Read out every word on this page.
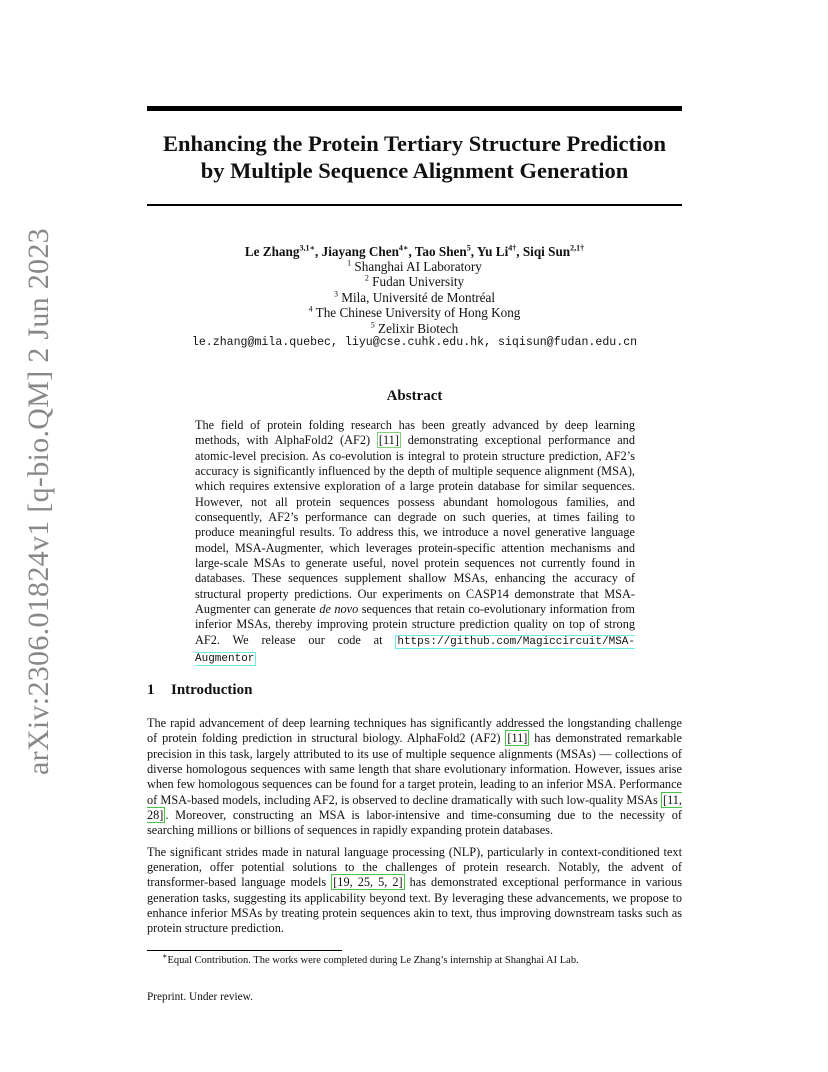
arXiv:2306.01824v1 [q-bio.QM] 2 Jun 2023
Enhancing the Protein Tertiary Structure Prediction
by Multiple Sequence Alignment Generation
Le Zhang$^{3,1∗}$, Jiayang Chen$^{4∗}$, Tao Shen$^5$, Yu $Li^{4\dagger}$, Siqi Sun$^{2,1\dagger}$
$^1$ Shanghai AI Laboratory
$^2$ Fudan University
$^3$ Mila, Université de Montréal
$^4$ The Chinese University of Hong Kong
$^5$ Zelixir Biotech
le.zhang@mila.quebec, liyu@cse.cuhk.edu.hk, siqisun@fudan.edu.cn
Abstract
The field of protein folding research has been greatly advanced by deep learning methods, with AlphaFold2 (AF2) [11] demonstrating exceptional performance and atomic-level precision. As co-evolution is integral to protein structure prediction, AF2’s accuracy is significantly influenced by the depth of multiple sequence alignment (MSA), which requires extensive exploration of a large protein database for similar sequences. However, not all protein sequences possess abundant homologous families, and consequently, AF2’s performance can degrade on such queries, at times failing to produce meaningful results. To address this, we introduce a novel generative language model, MSA-Augmenter, which leverages protein-specific attention mechanisms and large-scale MSAs to generate useful, novel protein sequences not currently found in databases. These sequences supplement shallow MSAs, enhancing the accuracy of structural property predictions. Our experiments on CASP14 demonstrate that MSA-Augmenter can generate de novo sequences that retain co-evolutionary information from inferior MSAs, thereby improving protein structure prediction quality on top of strong AF2. We release our code at https://github.com/Magiccircuit/MSA-Augmentor
1 Introduction

The rapid advancement of deep learning techniques has significantly addressed the longstanding challenge of protein folding prediction in structural biology. AlphaFold2 (AF2) [11] has demonstrated remarkable precision in this task, largely attributed to its use of multiple sequence alignments (MSAs) — collections of diverse homologous sequences with same length that share evolutionary information. However, issues arise when few homologous sequences can be found for a target protein, leading to an inferior MSA. Performance of MSA-based models, including AF2, is observed to decline dramatically with such low-quality MSAs [11, 28] . Moreover, constructing an MSA is labor-intensive and time-consuming due to the necessity of searching millions or billions of sequences in rapidly expanding protein databases.

The significant strides made in natural language processing (NLP), particularly in context-conditioned text generation, offer potential solutions to the challenges of protein research. Notably, the advent of transformer-based language models [19, 25, 5, 2] has demonstrated exceptional performance in various generation tasks, suggesting its applicability beyond text. By leveraging these advancements, we propose to enhance inferior MSAs by treating protein sequences akin to text, thus improving downstream tasks such as protein structure prediction.

∗Equal Contribution. The works were completed during Le Zhang’s internship at Shanghai AI Lab.
Preprint. Under review.
